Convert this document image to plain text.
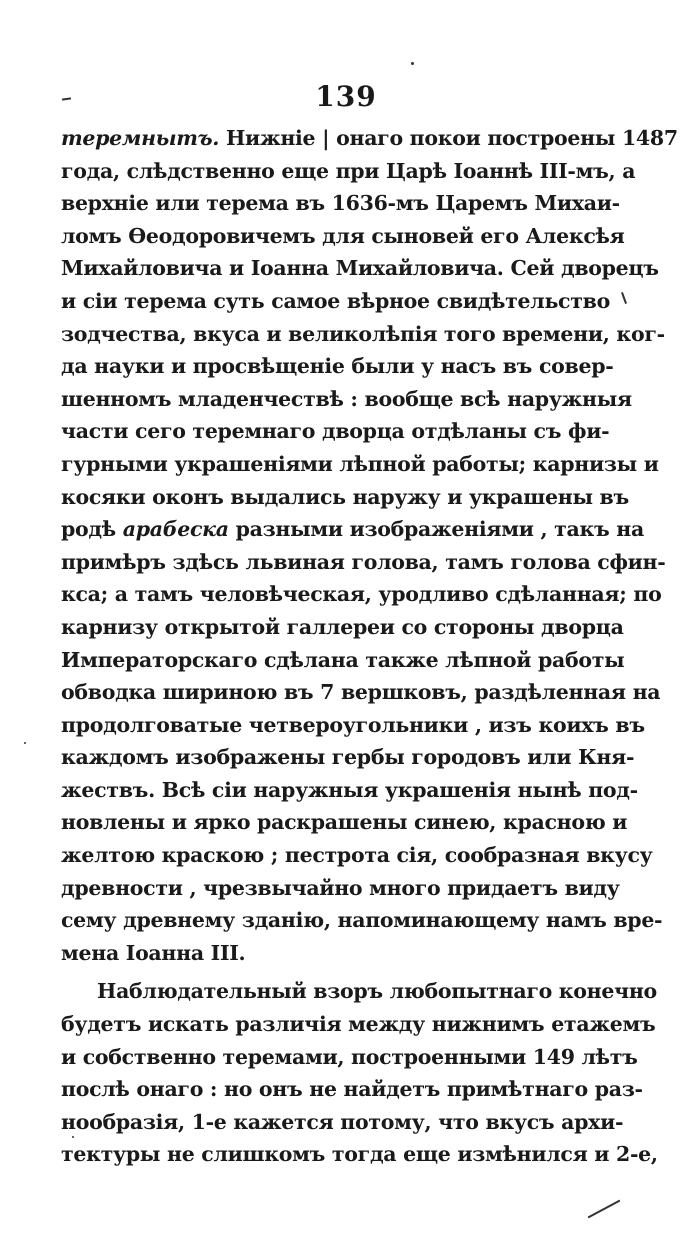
139
теремныmъ. Нижнiе | онаго покои построены 1487
года, слѣдственно еще при Царѣ Iоаннѣ III-мъ, а
верхнiе или терема въ 1636-мъ Царемъ Михаи-
ломъ Ѳеодоровичемъ для сыновей его Алексѣя
Михайловича и Iоанна Михайловича. Сей дворецъ
и сiи терема суть самое вѣрное свидѣтельство
зодчества, вкуса и великолѣпiя того времени, ког-
да науки и просвѣщенiе были у насъ въ совер-
шенномъ младенчествѣ : вообще всѣ наружныя
части сего теремнаго дворца отдѣланы съ фи-
гурными украшенiями лѣпной работы; карнизы и
косяки оконъ выдались наружу и украшены въ
родѣ арабеска разными изображенiями , такъ на
примѣръ здѣсь львиная голова, тамъ голова сфин-
кса; а тамъ человѣческая, уродливо сдѣланная; по
карнизу открытой галлереи со стороны дворца
Императорскаго сдѣлана также лѣпной работы
обводка шириною въ 7 вершковъ, раздѣленная на
продолговатые четвероугольники , изъ коихъ въ
каждомъ изображены гербы городовъ или Кня-
жествъ. Всѣ сiи наружныя украшенiя нынѣ под-
новлены и ярко раскрашены синею, красною и
желтою краскою ; пестрота сiя, сообразная вкусу
древности , чрезвычайно много придаетъ виду
сему древнему зданiю, напоминающему намъ вре-
мена Iоанна III.
Наблюдательный взоръ любопытнаго конечно
будетъ искать различiя между нижнимъ етажемъ
и собственно теремами, построенными 149 лѣтъ
послѣ онаго : но онъ не найдетъ примѣтнаго раз-
нообразiя, 1-е кажется потому, что вкусъ архи-
тектуры не слишкомъ тогда еще измѣнился и 2-е,
